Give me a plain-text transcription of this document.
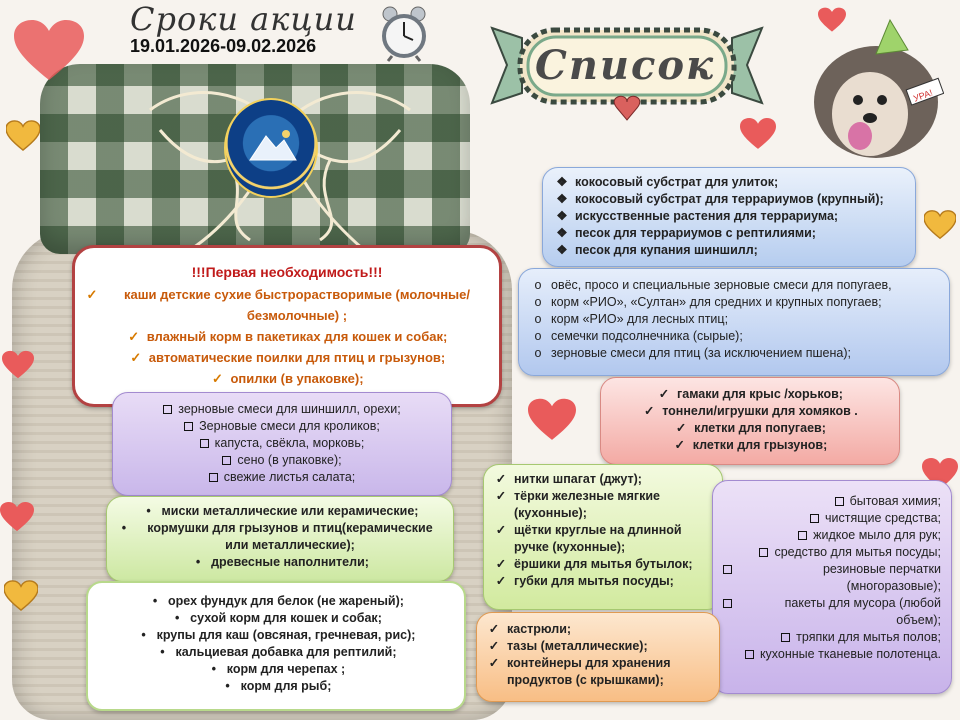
Сроки акции
19.01.2026-09.02.2026	Список
УРА!
!!!Первая необходимость!!!
✓	каши детские сухие быстрорастворимые (молочные/безмолочные) ;
✓ влажный корм в пакетиках для кошек и собак;
✓ автоматические поилки для птиц и грызунов;
✓ опилки (в упаковке);
зерновые смеси для шиншилл, орехи;
Зерновые смеси для кроликов;
капуста, свёкла, морковь;
сено (в упаковке);
свежие листья салата;
• миски металлические или керамические;
•	кормушки для грызунов и птиц(керамические или металлические);
• древесные наполнители;
• орех фундук для белок (не жареный);
• сухой корм для кошек и собак;
• крупы для каш (овсяная, гречневая, рис);
• кальциевая добавка для рептилий;
• корм для черепах ;
• корм для рыб;
❖ кокосовый субстрат для улиток;
❖ кокосовый субстрат для террариумов (крупный);
❖ искусственные растения для террариума;
❖ песок для террариумов с рептилиями;
❖ песок для купания шиншилл;
o овёс, просо и специальные зерновые смеси для попугаев,
o корм «РИО», «Султан» для средних и крупных попугаев;
o корм «РИО» для лесных птиц;
o семечки подсолнечника (сырые);
o зерновые смеси для птиц (за исключением пшена);
✓ гамаки для крыс /хорьков;
✓ тоннели/игрушки для хомяков .
✓ клетки для попугаев;
✓ клетки для грызунов;
✓ нитки шпагат (джут);
✓ тёрки железные мягкие (кухонные);
✓ щётки круглые на длинной ручке (кухонные);
✓ ёршики для мытья бутылок;
✓ губки для мытья посуды;
бытовая химия;
чистящие средства;
жидкое мыло для рук;
средство для мытья посуды;
резиновые перчатки (многоразовые);
пакеты для мусора (любой объем);
тряпки для мытья полов;
кухонные тканевые полотенца.
✓ кастрюли;
✓ тазы (металлические);
✓ контейнеры для хранения продуктов (с крышками);
